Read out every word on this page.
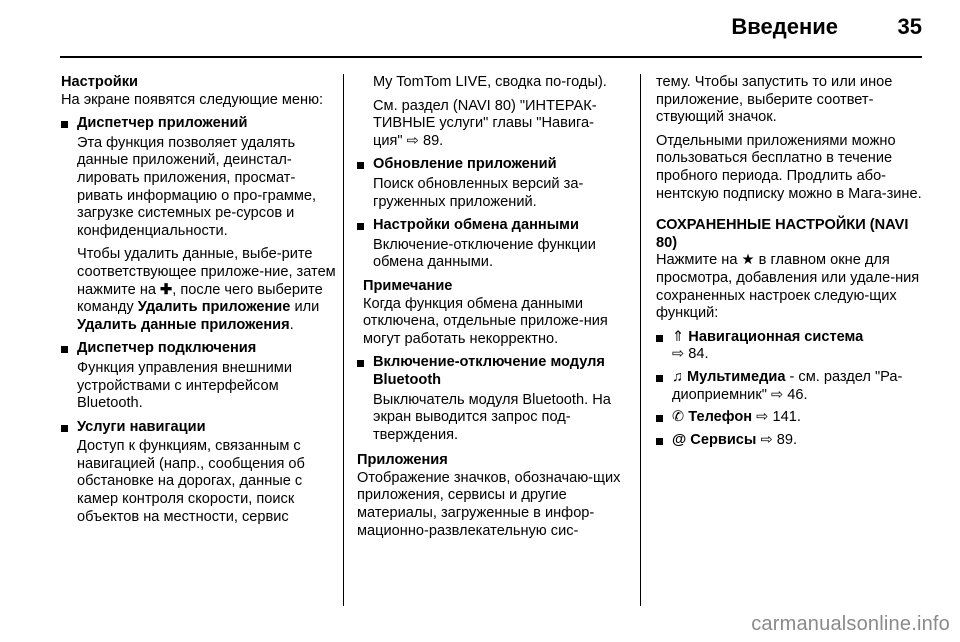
Введение	35
Настройки

На экране появятся следующие меню:

Диспетчер приложений

Эта функция позволяет удалять данные приложений, деинстал-лировать приложения, просмат-ривать информацию о про-грамме, загрузке системных ре-сурсов и конфиденциальности.

Чтобы удалить данные, выбе-рите соответствующее приложе-ние, затем нажмите на ✚, после чего выберите команду Удалить приложение или Удалить данные приложения.

Диспетчер подключения

Функция управления внешними устройствами с интерфейсом Bluetooth.

Услуги навигации

Доступ к функциям, связанным с навигацией (напр., сообщения об обстановке на дорогах, данные с камер контроля скорости, поиск объектов на местности, сервис

My TomTom LIVE, сводка по-годы).

См. раздел (NAVI 80) "ИНТЕРАК-ТИВНЫЕ услуги" главы "Навига-ция" ⇨ 89.

Обновление приложений

Поиск обновленных версий за-груженных приложений.

Настройки обмена данными

Включение-отключение функции обмена данными.

Примечание

Когда функция обмена данными отключена, отдельные приложе-ния могут работать некорректно.

Включение-отключение модуля Bluetooth

Выключатель модуля Bluetooth. На экран выводится запрос под-тверждения.

Приложения

Отображение значков, обозначаю-щих приложения, сервисы и другие материалы, загруженные в инфор-мационно-развлекательную сис-

тему. Чтобы запустить то или иное приложение, выберите соответ-ствующий значок.

Отдельными приложениями можно пользоваться бесплатно в течение пробного периода. Продлить або-нентскую подписку можно в Мага-зине.

СОХРАНЕННЫЕ НАСТРОЙКИ (NAVI 80)

Нажмите на ★ в главном окне для просмотра, добавления или удале-ния сохраненных настроек следую-щих функций:

⇑ Навигационная система
⇨ 84.
♫ Мультимедиа - см. раздел "Ра-диоприемник" ⇨ 46.
✆ Телефон ⇨ 141.
@ Сервисы ⇨ 89.
carmanualsonline.info
